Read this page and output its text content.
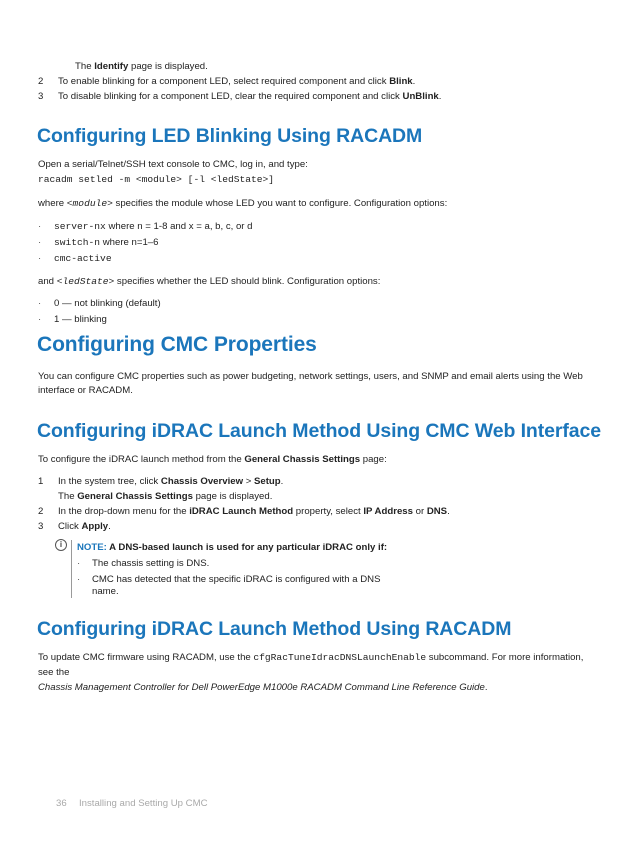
The Identify page is displayed.
2	To enable blinking for a component LED, select required component and click Blink.
3	To disable blinking for a component LED, clear the required component and click UnBlink.
Configuring LED Blinking Using RACADM
Open a serial/Telnet/SSH text console to CMC, log in, and type:
racadm setled -m <module> [-l <ledState>]
where <module> specifies the module whose LED you want to configure. Configuration options:
· server-nx where n = 1-8 and x = a, b, c, or d
· switch-n where n=1–6
· cmc-active
and <ledState> specifies whether the LED should blink. Configuration options:
· 0 — not blinking (default)
· 1 — blinking
Configuring CMC Properties
You can configure CMC properties such as power budgeting, network settings, users, and SNMP and email alerts using the Web interface or RACADM.
Configuring iDRAC Launch Method Using CMC Web Interface
To configure the iDRAC launch method from the General Chassis Settings page:
1	In the system tree, click Chassis Overview > Setup.
The General Chassis Settings page is displayed.
2	In the drop-down menu for the iDRAC Launch Method property, select IP Address or DNS.
3	Click Apply.
i	NOTE: A DNS-based launch is used for any particular iDRAC only if:
· The chassis setting is DNS.
· CMC has detected that the specific iDRAC is configured with a DNS
name.
Configuring iDRAC Launch Method Using RACADM
To update CMC firmware using RACADM, use the cfgRacTuneIdracDNSLaunchEnable subcommand. For more information, see the
Chassis Management Controller for Dell PowerEdge M1000e RACADM Command Line Reference Guide.
36 Installing and Setting Up CMC
